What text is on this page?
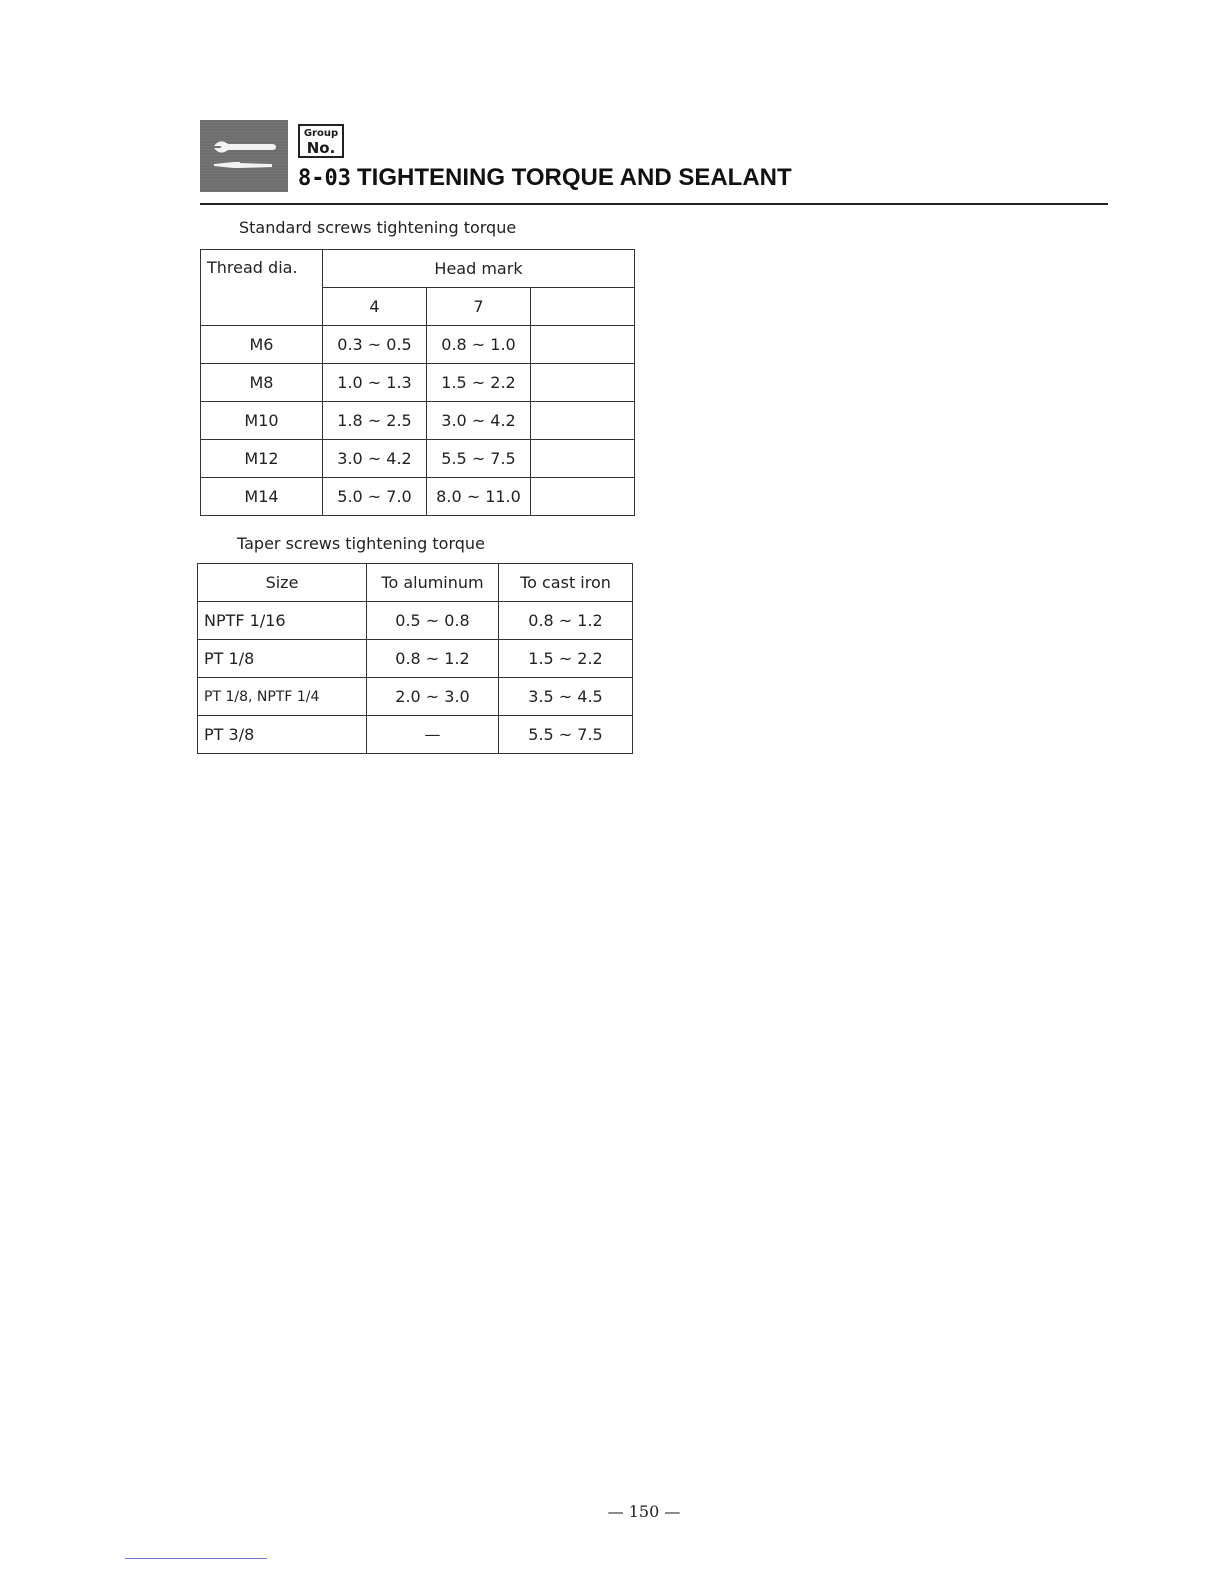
Group
No.
8-03 TIGHTENING TORQUE AND SEALANT
Standard screws tightening torque
Thread dia.	Head mark		
	4	7	
M6	0.3 ~ 0.5	0.8 ~ 1.0	
M8	1.0 ~ 1.3	1.5 ~ 2.2	
M10	1.8 ~ 2.5	3.0 ~ 4.2	
M12	3.0 ~ 4.2	5.5 ~ 7.5	
M14	5.0 ~ 7.0	8.0 ~ 11.0	
Taper screws tightening torque
Size	To aluminum	To cast iron
NPTF 1/16	0.5 ~ 0.8	0.8 ~ 1.2
PT 1/8	0.8 ~ 1.2	1.5 ~ 2.2
PT 1/8, NPTF 1/4	2.0 ~ 3.0	3.5 ~ 4.5
PT 3/8	—	5.5 ~ 7.5
— 150 —
